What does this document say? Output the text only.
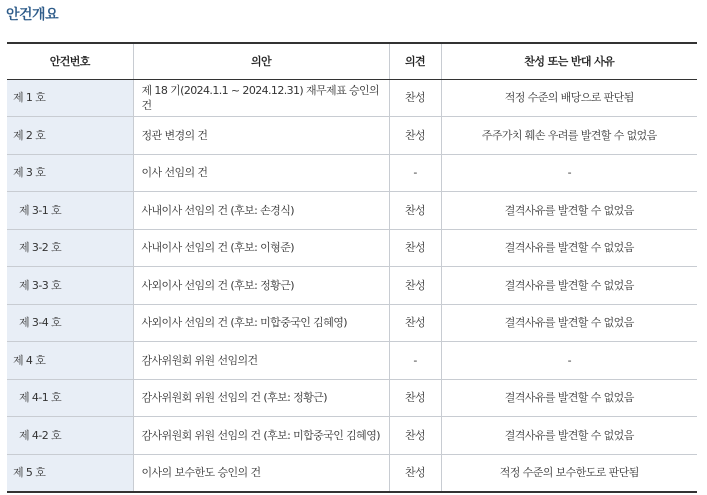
안건개요
안건번호	의안	의견	찬성 또는 반대 사유
제 1 호	제 18 기(2024.1.1 ~ 2024.12.31) 재무제표 승인의 건	찬성	적정 수준의 배당으로 판단됨
제 2 호	정관 변경의 건	찬성	주주가치 훼손 우려를 발견할 수 없었음
제 3 호	이사 선임의 건	-	-
제 3-1 호	사내이사 선임의 건 (후보: 손경식)	찬성	결격사유를 발견할 수 없었음
제 3-2 호	사내이사 선임의 건 (후보: 이형준)	찬성	결격사유를 발견할 수 없었음
제 3-3 호	사외이사 선임의 건 (후보: 정황근)	찬성	결격사유를 발견할 수 없었음
제 3-4 호	사외이사 선임의 건 (후보: 미합중국인 김혜영)	찬성	결격사유를 발견할 수 없었음
제 4 호	감사위원회 위원 선임의건	-	-
제 4-1 호	감사위원회 위원 선임의 건 (후보: 정황근)	찬성	결격사유를 발견할 수 없었음
제 4-2 호	감사위원회 위원 선임의 건 (후보: 미합중국인 김혜영)	찬성	결격사유를 발견할 수 없었음
제 5 호	이사의 보수한도 승인의 건	찬성	적정 수준의 보수한도로 판단됨
